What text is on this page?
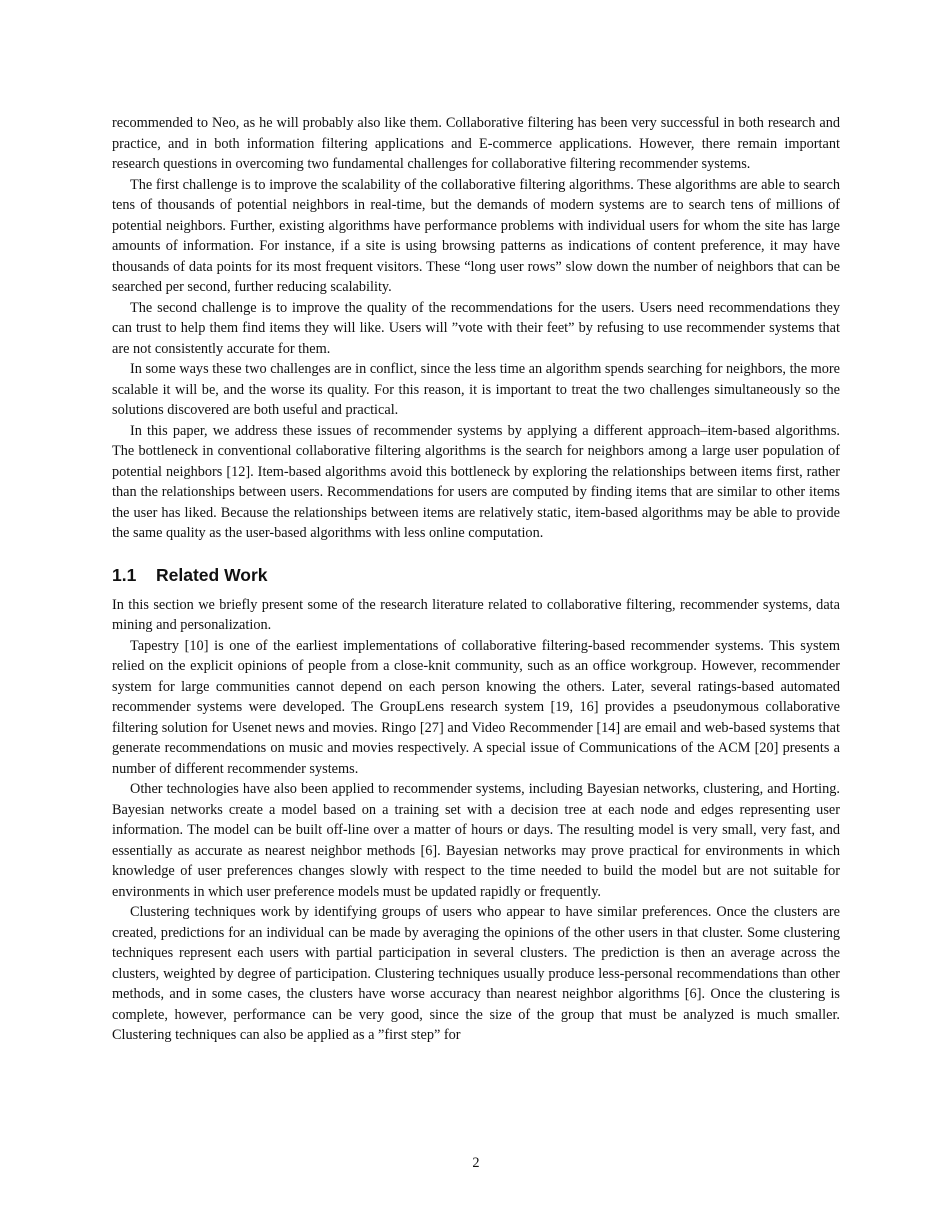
recommended to Neo, as he will probably also like them. Collaborative filtering has been very successful in both research and practice, and in both information filtering applications and E-commerce applications. However, there remain important research questions in overcoming two fundamental challenges for collaborative filtering recommender systems.

The first challenge is to improve the scalability of the collaborative filtering algorithms. These algorithms are able to search tens of thousands of potential neighbors in real-time, but the demands of modern systems are to search tens of millions of potential neighbors. Further, existing algorithms have performance problems with individual users for whom the site has large amounts of information. For instance, if a site is using browsing patterns as indications of content preference, it may have thousands of data points for its most frequent visitors. These “long user rows” slow down the number of neighbors that can be searched per second, further reducing scalability.

The second challenge is to improve the quality of the recommendations for the users. Users need recommendations they can trust to help them find items they will like. Users will ”vote with their feet” by refusing to use recommender systems that are not consistently accurate for them.

In some ways these two challenges are in conflict, since the less time an algorithm spends searching for neighbors, the more scalable it will be, and the worse its quality. For this reason, it is important to treat the two challenges simultaneously so the solutions discovered are both useful and practical.

In this paper, we address these issues of recommender systems by applying a different approach–item-based algorithms. The bottleneck in conventional collaborative filtering algorithms is the search for neighbors among a large user population of potential neighbors [12]. Item-based algorithms avoid this bottleneck by exploring the relationships between items first, rather than the relationships between users. Recommendations for users are computed by finding items that are similar to other items the user has liked. Because the relationships between items are relatively static, item-based algorithms may be able to provide the same quality as the user-based algorithms with less online computation.

1.1 Related Work

In this section we briefly present some of the research literature related to collaborative filtering, recommender systems, data mining and personalization.

Tapestry [10] is one of the earliest implementations of collaborative filtering-based recommender systems. This system relied on the explicit opinions of people from a close-knit community, such as an office workgroup. However, recommender system for large communities cannot depend on each person knowing the others. Later, several ratings-based automated recommender systems were developed. The GroupLens research system [19, 16] provides a pseudonymous collaborative filtering solution for Usenet news and movies. Ringo [27] and Video Recommender [14] are email and web-based systems that generate recommendations on music and movies respectively. A special issue of Communications of the ACM [20] presents a number of different recommender systems.

Other technologies have also been applied to recommender systems, including Bayesian networks, clustering, and Horting. Bayesian networks create a model based on a training set with a decision tree at each node and edges representing user information. The model can be built off-line over a matter of hours or days. The resulting model is very small, very fast, and essentially as accurate as nearest neighbor methods [6]. Bayesian networks may prove practical for environments in which knowledge of user preferences changes slowly with respect to the time needed to build the model but are not suitable for environments in which user preference models must be updated rapidly or frequently.

Clustering techniques work by identifying groups of users who appear to have similar preferences. Once the clusters are created, predictions for an individual can be made by averaging the opinions of the other users in that cluster. Some clustering techniques represent each users with partial participation in several clusters. The prediction is then an average across the clusters, weighted by degree of participation. Clustering techniques usually produce less-personal recommendations than other methods, and in some cases, the clusters have worse accuracy than nearest neighbor algorithms [6]. Once the clustering is complete, however, performance can be very good, since the size of the group that must be analyzed is much smaller. Clustering techniques can also be applied as a ”first step” for

2
